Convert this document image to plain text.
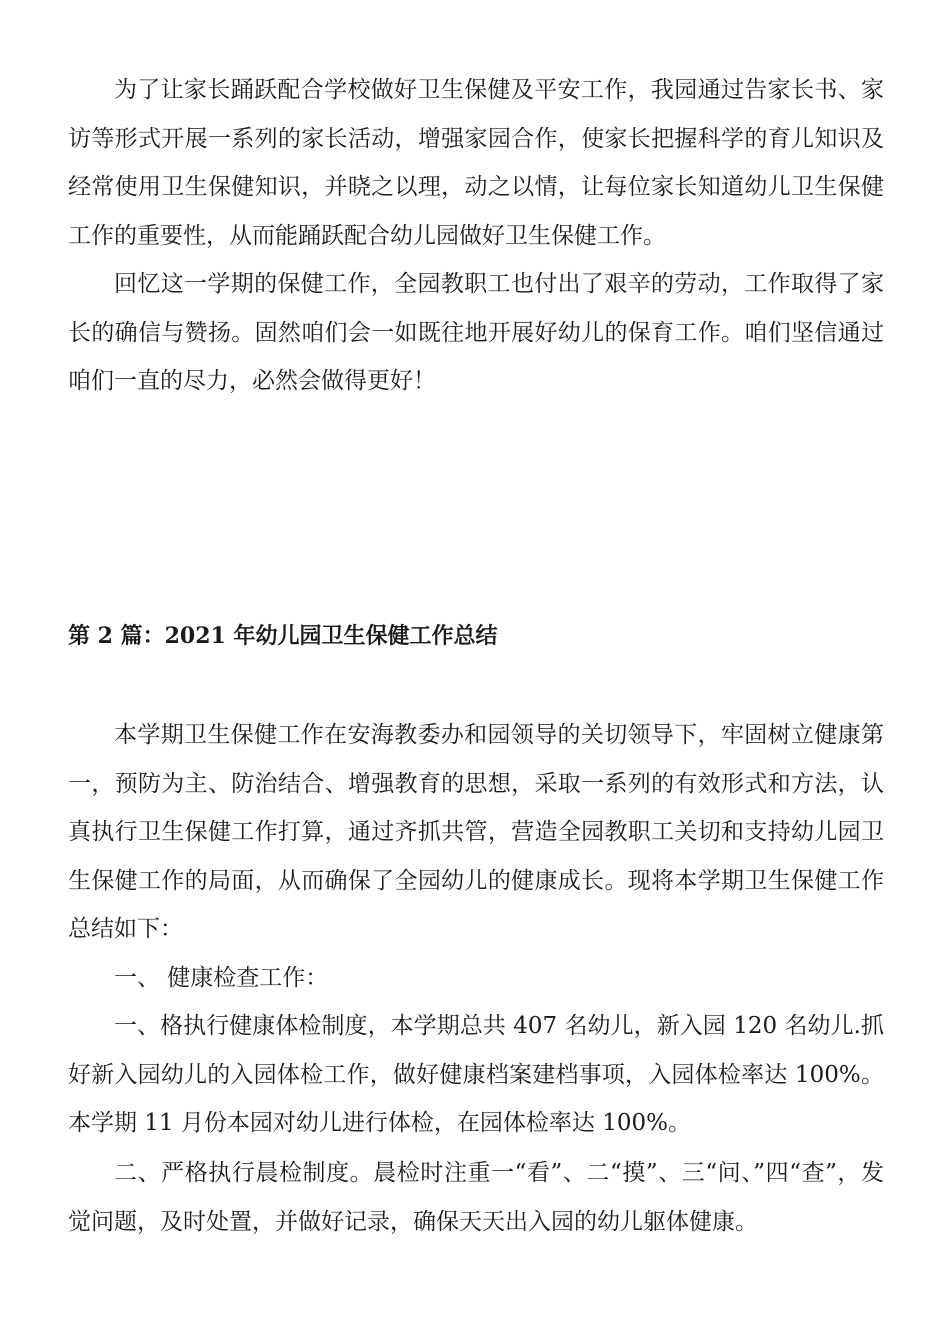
为了让家长踊跃配合学校做好卫生保健及平安工作，我园通过告家长书、家访等形式开展一系列的家长活动，增强家园合作，使家长把握科学的育儿知识及经常使用卫生保健知识，并晓之以理，动之以情，让每位家长知道幼儿卫生保健工作的重要性，从而能踊跃配合幼儿园做好卫生保健工作。

回忆这一学期的保健工作，全园教职工也付出了艰辛的劳动，工作取得了家长的确信与赞扬。固然咱们会一如既往地开展好幼儿的保育工作。咱们坚信通过咱们一直的尽力，必然会做得更好！

第 2 篇：2021 年幼儿园卫生保健工作总结

本学期卫生保健工作在安海教委办和园领导的关切领导下，牢固树立健康第一，预防为主、防治结合、增强教育的思想，采取一系列的有效形式和方法，认真执行卫生保健工作打算，通过齐抓共管，营造全园教职工关切和支持幼儿园卫生保健工作的局面，从而确保了全园幼儿的健康成长。现将本学期卫生保健工作总结如下：

一、 健康检查工作：

一、格执行健康体检制度，本学期总共 407 名幼儿，新入园 120 名幼儿.抓好新入园幼儿的入园体检工作，做好健康档案建档事项，入园体检率达 100%。本学期 11 月份本园对幼儿进行体检，在园体检率达 100%。

二、严格执行晨检制度。晨检时注重一“看”、二“摸”、三“问、”四“查”，发觉问题，及时处置，并做好记录，确保天天出入园的幼儿躯体健康。
